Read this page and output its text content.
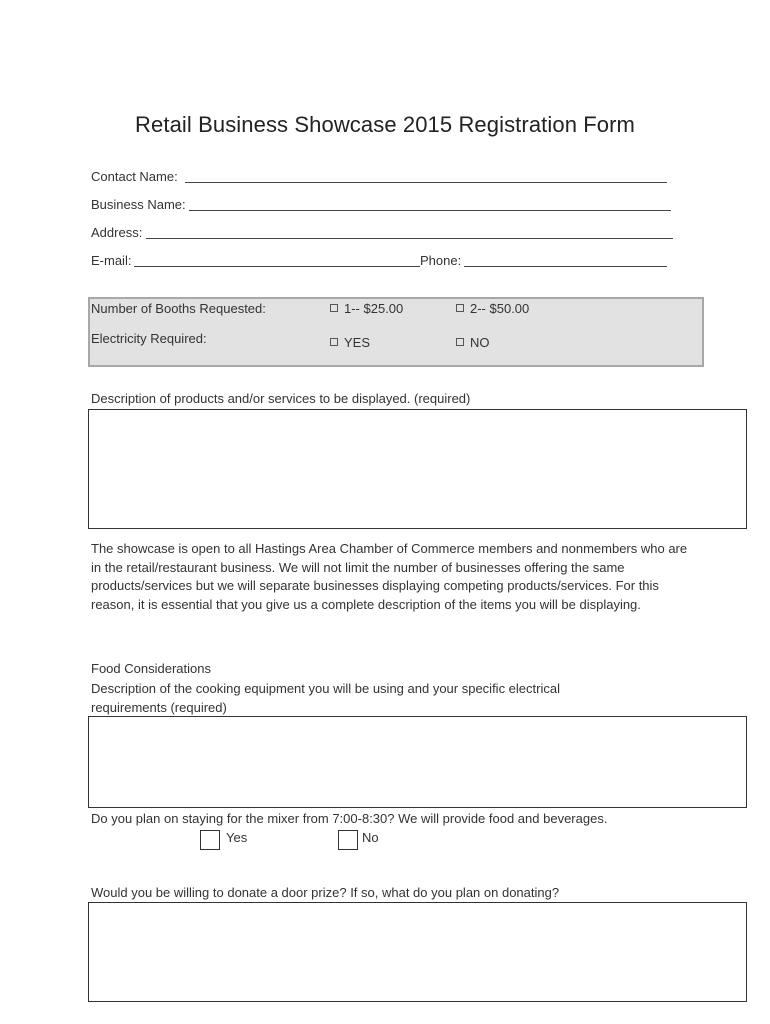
Retail Business Showcase 2015 Registration Form
Contact Name:
Business Name:
Address:
E-mail:	Phone:
Number of Booths Requested:	1-- $25.00	2-- $50.00
Electricity Required:	YES	NO
Description of products and/or services to be displayed. (required)
The showcase is open to all Hastings Area Chamber of Commerce members and nonmembers who are in the retail/restaurant business. We will not limit the number of businesses offering the same products/services but we will separate businesses displaying competing products/services. For this reason, it is essential that you give us a complete description of the items you will be displaying.
Food Considerations
Description of the cooking equipment you will be using and your specific electrical requirements (required)
Do you plan on staying for the mixer from 7:00-8:30? We will provide food and beverages.
Yes	No
Would you be willing to donate a door prize? If so, what do you plan on donating?
